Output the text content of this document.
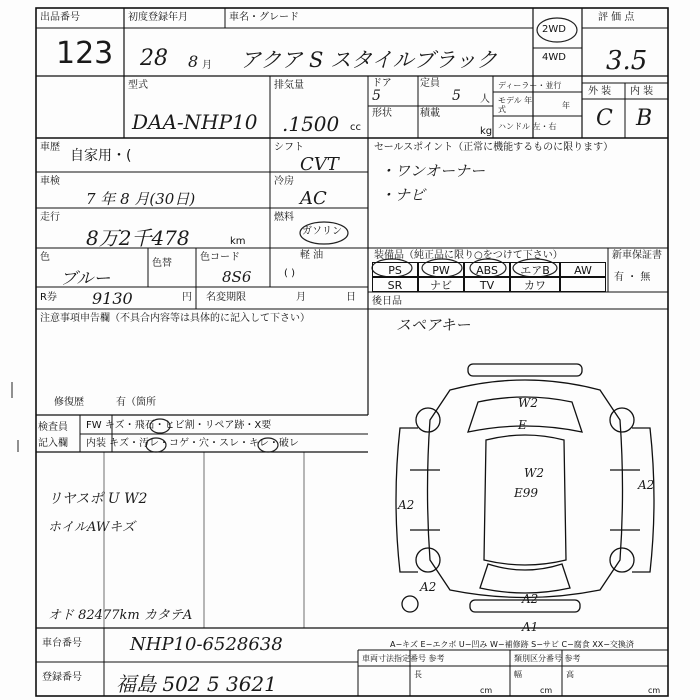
出品番号
123
初度登録年月
28 8 月
車名・グレード
アクア S スタイルブラック
2WD
4WD
評 価 点
3.5
型式
DAA-NHP10
排気量
.1500 cc
ドア
5
定員
5 人
形状	積載
kg
ディーラー・並行
モデル 年式	年
ハンドル 左・右
外 装 内 装
C B
車歴
自家用・(
シフト
CVT
車検
7 年 8 月(30日)
冷房
AC
走行
8万2千478	km
燃料
ガソリン
軽 油
( )
色
ブルー
色替
色コード
8S6
R券 9130	円 名変期限	月	日
セールスポイント（正常に機能するものに限ります）
・ワンオーナー
・ナビ
装備品（純正品に限り○をつけて下さい）	新車保証書
有 ・ 無
PS	PW	ABS	エアB	AW
SR	ナビ	TV	カワ
後日品
スペアキー
注意事項申告欄（不具合内容等は具体的に記入して下さい）
修復歴	有（箇所
検査員 記入欄
FW キズ・飛石・ヒビ割・リペア跡・X要
内装 キズ・汚レ・コゲ・穴・スレ・キレ・破レ
リヤスポ U W2
ホイルAWキズ
オド 82477km カタテA
W2
E
W2
E99
A2
A2
A2
A2
A1
A−キズ E−エクボ U−凹み W−補修跡 S−サビ C−腐食 XX−交換済
車台番号	NHP10-6528638
登録番号 福島 502 5 3621
車両寸法指定番号 参考	類別区分番号 参考
長
cm
幅
cm
高
cm
